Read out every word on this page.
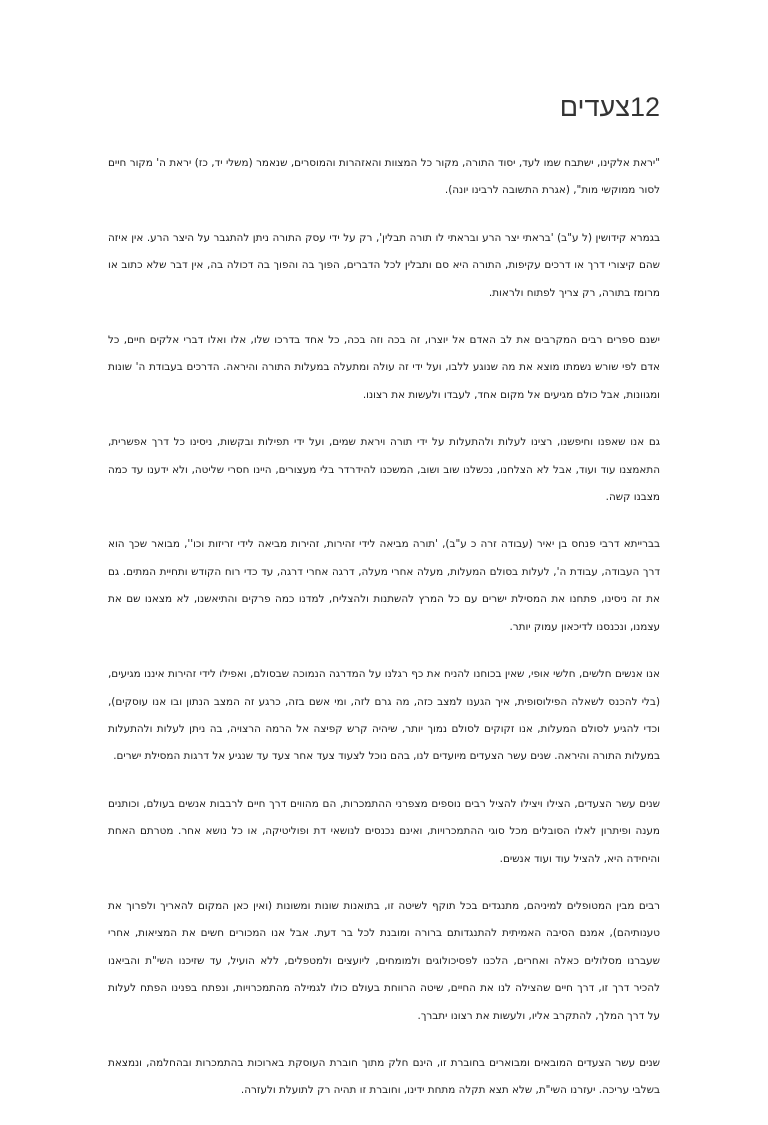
12צעדים

"יראת אלקינו, ישתבח שמו לעד, יסוד התורה, מקור כל המצוות והאזהרות והמוסרים, שנאמר (משלי יד, כז) יראת ה' מקור חיים לסור ממוקשי מות", (אגרת התשובה לרבינו יונה).

בגמרא קידושין (ל ע"ב) 'בראתי יצר הרע ובראתי לו תורה תבלין', רק על ידי עסק התורה ניתן להתגבר על היצר הרע. אין איזה שהם קיצורי דרך או דרכים עקיפות, התורה היא סם ותבלין לכל הדברים, הפוך בה והפוך בה דכולה בה, אין דבר שלא כתוב או מרומז בתורה, רק צריך לפתוח ולראות.

ישנם ספרים רבים המקרבים את לב האדם אל יוצרו, זה בכה וזה בכה, כל אחד בדרכו שלו, אלו ואלו דברי אלקים חיים, כל אדם לפי שורש נשמתו מוצא את מה שנוגע ללבו, ועל ידי זה עולה ומתעלה במעלות התורה והיראה. הדרכים בעבודת ה' שונות ומגוונות, אבל כולם מגיעים אל מקום אחד, לעבדו ולעשות את רצונו.

גם אנו שאפנו וחיפשנו, רצינו לעלות ולהתעלות על ידי תורה ויראת שמים, ועל ידי תפילות ובקשות, ניסינו כל דרך אפשרית, התאמצנו עוד ועוד, אבל לא הצלחנו, נכשלנו שוב ושוב, המשכנו להידרדר בלי מעצורים, היינו חסרי שליטה, ולא ידענו עד כמה מצבנו קשה.

בברייתא דרבי פנחס בן יאיר (עבודה זרה כ ע"ב), 'תורה מביאה לידי זהירות, זהירות מביאה לידי זריזות וכו'', מבואר שכך הוא דרך העבודה, עבודת ה', לעלות בסולם המעלות, מעלה אחרי מעלה, דרגה אחרי דרגה, עד כדי רוח הקודש ותחיית המתים. גם את זה ניסינו, פתחנו את המסילת ישרים עם כל המרץ להשתנות ולהצליח, למדנו כמה פרקים והתיאשנו, לא מצאנו שם את עצמנו, ונכנסנו לדיכאון עמוק יותר.

אנו אנשים חלשים, חלשי אופי, שאין בכוחנו להניח את כף רגלנו על המדרגה הנמוכה שבסולם, ואפילו לידי זהירות איננו מגיעים, (בלי להכנס לשאלה הפילוסופית, איך הגענו למצב כזה, מה גרם לזה, ומי אשם בזה, כרגע זה המצב הנתון ובו אנו עוסקים), וכדי להגיע לסולם המעלות, אנו זקוקים לסולם נמוך יותר, שיהיה קרש קפיצה אל הרמה הרצויה, בה ניתן לעלות ולהתעלות במעלות התורה והיראה. שנים עשר הצעדים מיועדים לנו, בהם נוכל לצעוד צעד אחר צעד עד שנגיע אל דרגות המסילת ישרים.

שנים עשר הצעדים, הצילו ויצילו להציל רבים נוספים מצפרני ההתמכרות, הם מהווים דרך חיים לרבבות אנשים בעולם, וכותנים מענה ופיתרון לאלו הסובלים מכל סוגי ההתמכרויות, ואינם נכנסים לנושאי דת ופוליטיקה, או כל נושא אחר. מטרתם האחת והיחידה היא, להציל עוד ועוד אנשים.

רבים מבין המטופלים למיניהם, מתנגדים בכל תוקף לשיטה זו, בתואנות שונות ומשונות (ואין כאן המקום להאריך ולפרוך את טענותיהם), אמנם הסיבה האמיתית להתנגדותם ברורה ומובנת לכל בר דעת. אבל אנו המכורים חשים את המציאות, אחרי שעברנו מסלולים כאלה ואחרים, הלכנו לפסיכולוגים ולמומחים, ליועצים ולמטפלים, ללא הועיל, עד שזיכנו השי"ת והביאנו להכיר דרך זו, דרך חיים שהצילה לנו את החיים, שיטה הרווחת בעולם כולו לגמילה מהתמכרויות, ונפתח בפנינו הפתח לעלות על דרך המלך, להתקרב אליו, ולעשות את רצונו יתברך.

שנים עשר הצעדים המובאים ומבוארים בחוברת זו, הינם חלק מתוך חוברת העוסקת בארוכות בהתמכרות ובהחלמה, ונמצאת בשלבי עריכה. יעזרנו השי"ת, שלא תצא תקלה מתחת ידינו, וחוברת זו תהיה רק לתועלת ולעזרה.
